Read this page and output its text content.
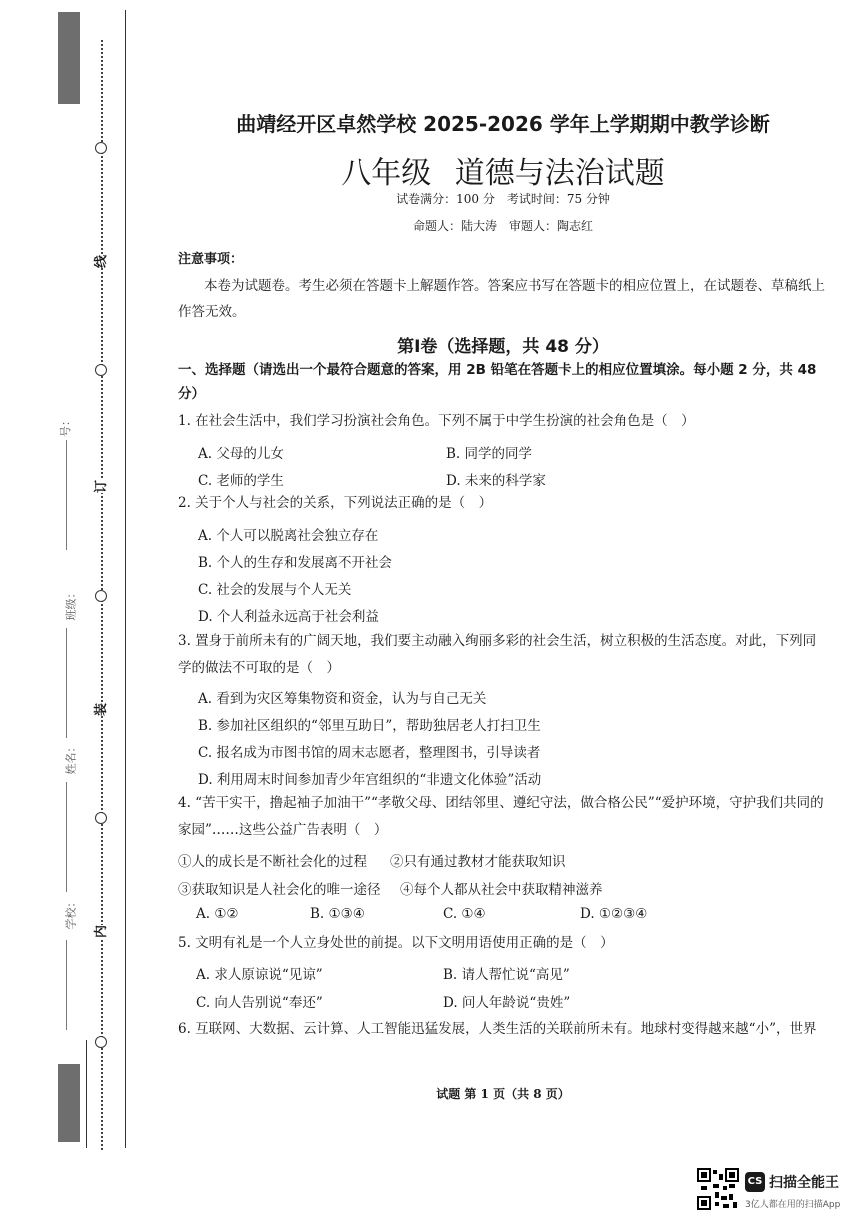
线
订
装
内
号：
班级：
姓名：
学校：
曲靖经开区卓然学校 2025-2026 学年上学期期中教学诊断
八年级 道德与法治试题
试卷满分：100 分　考试时间：75 分钟
命题人：陆大涛　审题人：陶志红
注意事项：
本卷为试题卷。考生必须在答题卡上解题作答。答案应书写在答题卡的相应位置上，在试题卷、草稿纸上作答无效。
第Ⅰ卷（选择题，共 48 分）
一、选择题（请选出一个最符合题意的答案，用 2B 铅笔在答题卡上的相应位置填涂。每小题 2 分，共 48 分）
1. 在社会生活中，我们学习扮演社会角色。下列不属于中学生扮演的社会角色是（　）
A. 父母的儿女	B. 同学的同学
C. 老师的学生	D. 未来的科学家
2. 关于个人与社会的关系，下列说法正确的是（　）
A. 个人可以脱离社会独立存在
B. 个人的生存和发展离不开社会
C. 社会的发展与个人无关
D. 个人利益永远高于社会利益
3. 置身于前所未有的广阔天地，我们要主动融入绚丽多彩的社会生活，树立积极的生活态度。对此，下列同学的做法不可取的是（　）
A. 看到为灾区筹集物资和资金，认为与自己无关
B. 参加社区组织的“邻里互助日”，帮助独居老人打扫卫生
C. 报名成为市图书馆的周末志愿者，整理图书，引导读者
D. 利用周末时间参加青少年宫组织的“非遗文化体验”活动
4. “苦干实干，撸起袖子加油干”“孝敬父母、团结邻里、遵纪守法，做合格公民”“爱护环境，守护我们共同的家园”……这些公益广告表明（　）
①人的成长是不断社会化的过程 ②只有通过教材才能获取知识
③获取知识是人社会化的唯一途径 ④每个人都从社会中获取精神滋养
A. ①②	B. ①③④	C. ①④	D. ①②③④
5. 文明有礼是一个人立身处世的前提。以下文明用语使用正确的是（　）
A. 求人原谅说“见谅”	B. 请人帮忙说“高见”
C. 向人告别说“奉还”	D. 问人年龄说“贵姓”
6. 互联网、大数据、云计算、人工智能迅猛发展，人类生活的关联前所未有。地球村变得越来越“小”，世界
试题 第 1 页（共 8 页）
CS 扫描全能王
3亿人都在用的扫描App
